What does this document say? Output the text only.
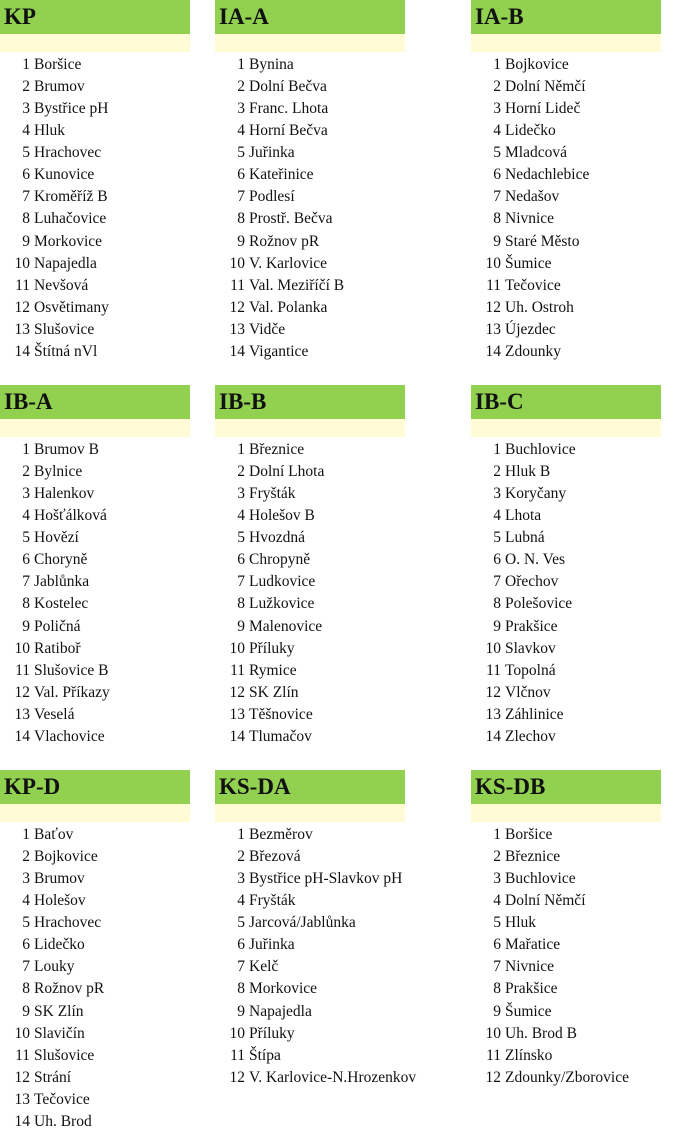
KP
1 Boršice
2 Brumov
3 Bystřice pH
4 Hluk
5 Hrachovec
6 Kunovice
7 Kroměříž B
8 Luhačovice
9 Morkovice
10 Napajedla
11 Nevšová
12 Osvětimany
13 Slušovice
14 Štítná nVl
IA-A
1 Bynina
2 Dolní Bečva
3 Franc. Lhota
4 Horní Bečva
5 Juřinka
6 Kateřinice
7 Podlesí
8 Prostř. Bečva
9 Rožnov pR
10 V. Karlovice
11 Val. Meziříčí B
12 Val. Polanka
13 Vidče
14 Vigantice
IA-B
1 Bojkovice
2 Dolní Němčí
3 Horní Lideč
4 Lidečko
5 Mladcová
6 Nedachlebice
7 Nedašov
8 Nivnice
9 Staré Město
10 Šumice
11 Tečovice
12 Uh. Ostroh
13 Újezdec
14 Zdounky
IB-A
1 Brumov B
2 Bylnice
3 Halenkov
4 Hošťálková
5 Hovězí
6 Choryně
7 Jablůnka
8 Kostelec
9 Poličná
10 Ratiboř
11 Slušovice B
12 Val. Příkazy
13 Veselá
14 Vlachovice
IB-B
1 Březnice
2 Dolní Lhota
3 Fryšták
4 Holešov B
5 Hvozdná
6 Chropyně
7 Ludkovice
8 Lužkovice
9 Malenovice
10 Příluky
11 Rymice
12 SK Zlín
13 Těšnovice
14 Tlumačov
IB-C
1 Buchlovice
2 Hluk B
3 Koryčany
4 Lhota
5 Lubná
6 O. N. Ves
7 Ořechov
8 Polešovice
9 Prakšice
10 Slavkov
11 Topolná
12 Vlčnov
13 Záhlinice
14 Zlechov
KP-D
1 Baťov
2 Bojkovice
3 Brumov
4 Holešov
5 Hrachovec
6 Lidečko
7 Louky
8 Rožnov pR
9 SK Zlín
10 Slavičín
11 Slušovice
12 Strání
13 Tečovice
14 Uh. Brod
KS-DA
1 Bezměrov
2 Březová
3 Bystřice pH-Slavkov pH
4 Fryšták
5 Jarcová/Jablůnka
6 Juřinka
7 Kelč
8 Morkovice
9 Napajedla
10 Příluky
11 Štípa
12 V. Karlovice-N.Hrozenkov
KS-DB
1 Boršice
2 Březnice
3 Buchlovice
4 Dolní Němčí
5 Hluk
6 Mařatice
7 Nivnice
8 Prakšice
9 Šumice
10 Uh. Brod B
11 Zlínsko
12 Zdounky/Zborovice
